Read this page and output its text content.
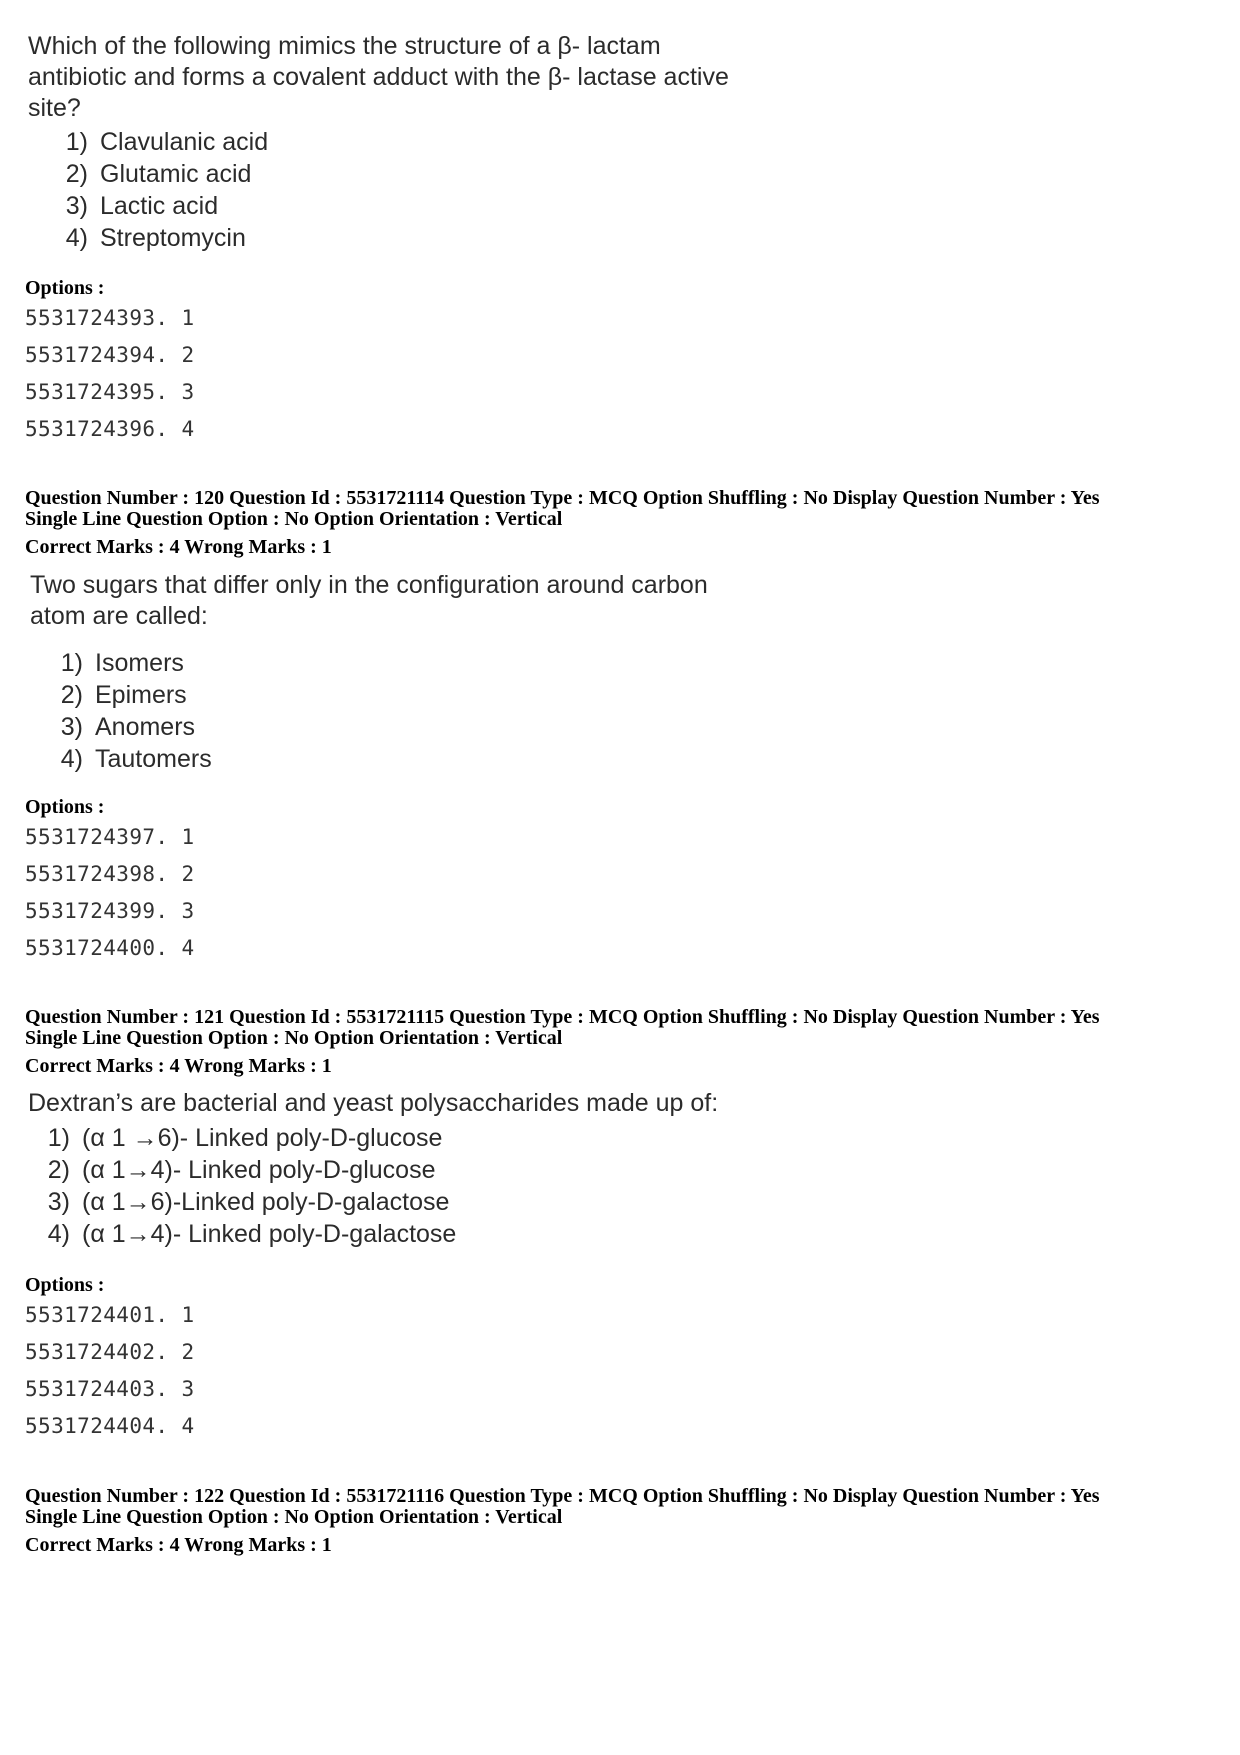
Which of the following mimics the structure of a β- lactam
antibiotic and forms a covalent adduct with the β- lactase active
site?
1) Clavulanic acid
2) Glutamic acid
3) Lactic acid
4) Streptomycin
Options :
5531724393. 1
5531724394. 2
5531724395. 3
5531724396. 4
Question Number : 120 Question Id : 5531721114 Question Type : MCQ Option Shuffling : No Display Question Number : Yes
Single Line Question Option : No Option Orientation : Vertical
Correct Marks : 4 Wrong Marks : 1
Two sugars that differ only in the configuration around carbon
atom are called:
1) Isomers
2) Epimers
3) Anomers
4) Tautomers
Options :
5531724397. 1
5531724398. 2
5531724399. 3
5531724400. 4
Question Number : 121 Question Id : 5531721115 Question Type : MCQ Option Shuffling : No Display Question Number : Yes
Single Line Question Option : No Option Orientation : Vertical
Correct Marks : 4 Wrong Marks : 1
Dextran’s are bacterial and yeast polysaccharides made up of:
1) (α 1 →6)- Linked poly-D-glucose
2) (α 1→4)- Linked poly-D-glucose
3) (α 1→6)-Linked poly-D-galactose
4) (α 1→4)- Linked poly-D-galactose
Options :
5531724401. 1
5531724402. 2
5531724403. 3
5531724404. 4
Question Number : 122 Question Id : 5531721116 Question Type : MCQ Option Shuffling : No Display Question Number : Yes
Single Line Question Option : No Option Orientation : Vertical
Correct Marks : 4 Wrong Marks : 1
